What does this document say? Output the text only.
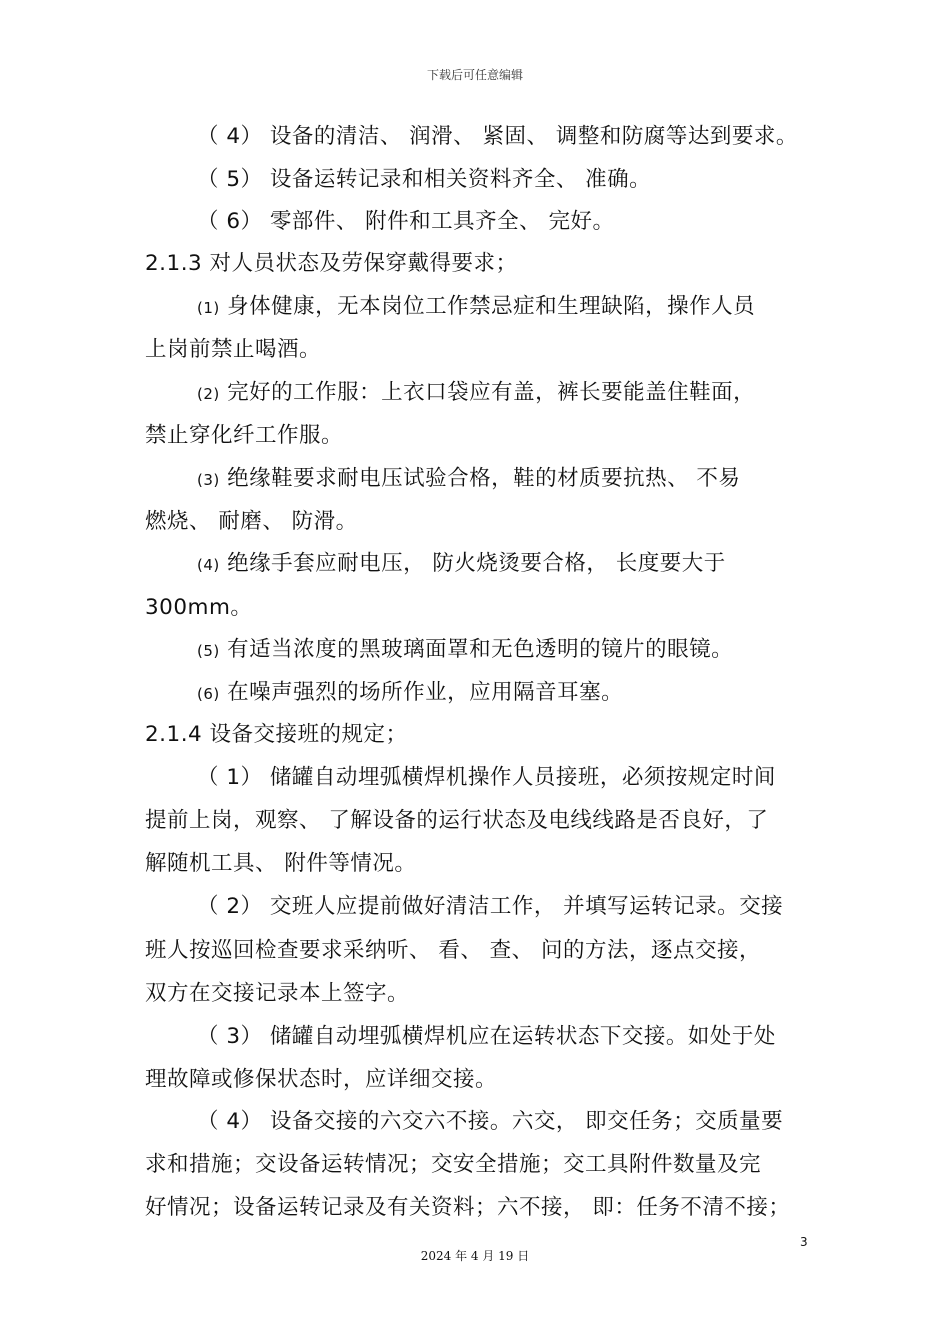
下载后可任意编辑
（ 4） 设备的清洁、 润滑、 紧固、 调整和防腐等达到要求。
（ 5） 设备运转记录和相关资料齐全、 准确。
（ 6） 零部件、 附件和工具齐全、 完好。
2.1.3 对人员状态及劳保穿戴得要求；
(1) 身体健康，无本岗位工作禁忌症和生理缺陷，操作人员
上岗前禁止喝酒。
(2) 完好的工作服：上衣口袋应有盖，裤长要能盖住鞋面，
禁止穿化纤工作服。
(3) 绝缘鞋要求耐电压试验合格，鞋的材质要抗热、 不易
燃烧、 耐磨、 防滑。
(4) 绝缘手套应耐电压， 防火烧烫要合格， 长度要大于
300mm。
(5) 有适当浓度的黑玻璃面罩和无色透明的镜片的眼镜。
(6) 在噪声强烈的场所作业，应用隔音耳塞。
2.1.4 设备交接班的规定；
（ 1） 储罐自动埋弧横焊机操作人员接班，必须按规定时间
提前上岗，观察、 了解设备的运行状态及电线线路是否良好，了
解随机工具、 附件等情况。
（ 2） 交班人应提前做好清洁工作， 并填写运转记录。交接
班人按巡回检查要求采纳听、 看、 查、 问的方法，逐点交接，
双方在交接记录本上签字。
（ 3） 储罐自动埋弧横焊机应在运转状态下交接。如处于处
理故障或修保状态时，应详细交接。
（ 4） 设备交接的六交六不接。六交， 即交任务；交质量要
求和措施；交设备运转情况；交安全措施；交工具附件数量及完
好情况；设备运转记录及有关资料；六不接， 即：任务不清不接；
3
2024 年 4 月 19 日
